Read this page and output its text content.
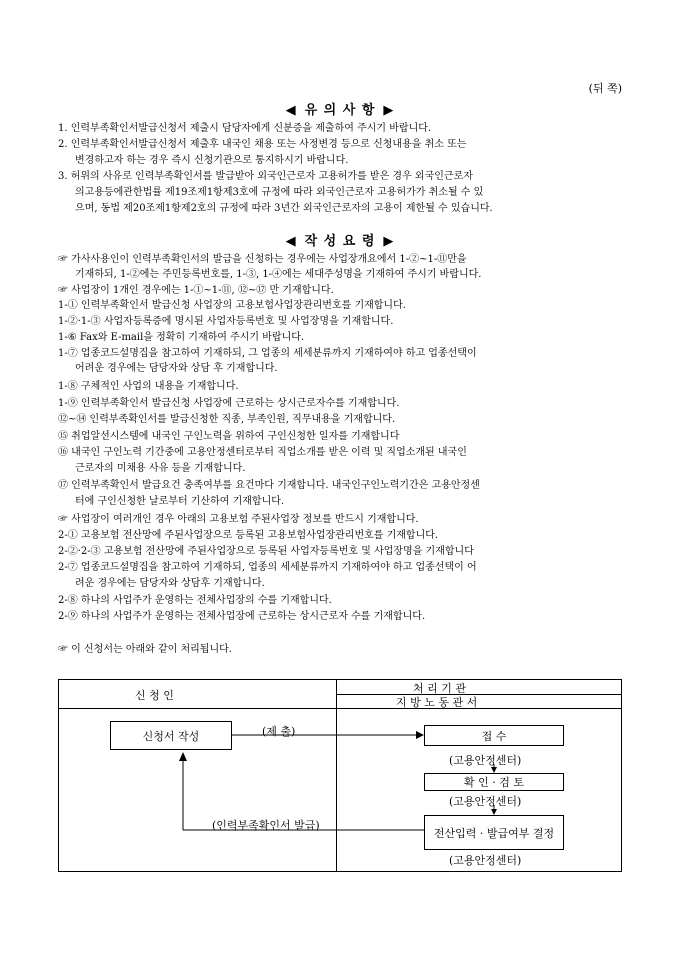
(뒤 쪽)
◀ 유 의 사 항 ▶
1. 인력부족확인서발급신청서 제출시 담당자에게 신분증을 제출하여 주시기 바랍니다.
2. 인력부족확인서발급신청서 제출후 내국인 채용 또는 사정변경 등으로 신청내용을 취소 또는
변경하고자 하는 경우 즉시 신청기관으로 통지하시기 바랍니다.
3. 허위의 사유로 인력부족확인서를 발급받아 외국인근로자 고용허가를 받은 경우 외국인근로자
의고용등에관한법률 제19조제1항제3호에 규정에 따라 외국인근로자 고용허가가 취소될 수 있
으며, 동법 제20조제1항제2호의 규정에 따라 3년간 외국인근로자의 고용이 제한될 수 있습니다.
◀ 작 성 요 령 ▶
☞ 가사사용인이 인력부족확인서의 발급을 신청하는 경우에는 사업장개요에서 1-②~1-⑪만을
기재하되, 1-②에는 주민등록번호를, 1-③, 1-④에는 세대주성명을 기재하여 주시기 바랍니다.
☞ 사업장이 1개인 경우에는 1-①~1-⑪, ⑫~⑰ 만 기재합니다.
1-① 인력부족확인서 발급신청 사업장의 고용보험사업장관리번호를 기재합니다.
1-②·1-③ 사업자등록증에 명시된 사업자등록번호 및 사업장명을 기재합니다.
1-⑥ Fax와 E-mail을 정확히 기재하여 주시기 바랍니다.
1-⑦ 업종코드설명집을 참고하여 기재하되, 그 업종의 세세분류까지 기재하여야 하고 업종선택이
어려운 경우에는 담당자와 상담 후 기재합니다.
1-⑧ 구체적인 사업의 내용을 기재합니다.
1-⑨ 인력부족확인서 발급신청 사업장에 근로하는 상시근로자수를 기재합니다.
⑫~⑭ 인력부족확인서를 발급신청한 직종, 부족인원, 직무내용을 기재합니다.
⑮ 취업알선시스템에 내국인 구인노력을 위하여 구인신청한 일자를 기재합니다
⑯ 내국인 구인노력 기간중에 고용안정센터로부터 직업소개를 받은 이력 및 직업소개된 내국인
근로자의 미채용 사유 등을 기재합니다.
⑰ 인력부족확인서 발급요건 충족여부를 요건마다 기재합니다. 내국인구인노력기간은 고용안정센
터에 구인신청한 날로부터 기산하여 기재합니다.
☞ 사업장이 여러개인 경우 아래의 고용보험 주된사업장 정보를 반드시 기재합니다.
2-① 고용보험 전산망에 주된사업장으로 등록된 고용보험사업장관리번호를 기재합니다.
2-②·2-③ 고용보험 전산망에 주된사업장으로 등록된 사업자등록번호 및 사업장명을 기재합니다
2-⑦ 업종코드설명집을 참고하여 기재하되, 업종의 세세분류까지 기재하여야 하고 업종선택이 어
려운 경우에는 담당자와 상담후 기재합니다.
2-⑧ 하나의 사업주가 운영하는 전체사업장의 수를 기재합니다.
2-⑨ 하나의 사업주가 운영하는 전체사업장에 근로하는 상시근로자 수를 기재합니다.
☞ 이 신청서는 아래와 같이 처리됩니다.
신 청 인
처 리 기 관
지 방 노 동 관 서
신청서 작성	(제 출)	접 수
(고용안정센터)
확 인 · 검 토
(고용안정센터)
전산입력 · 발급여부 결정
(고용안정센터)
(인력부족확인서 발급)
